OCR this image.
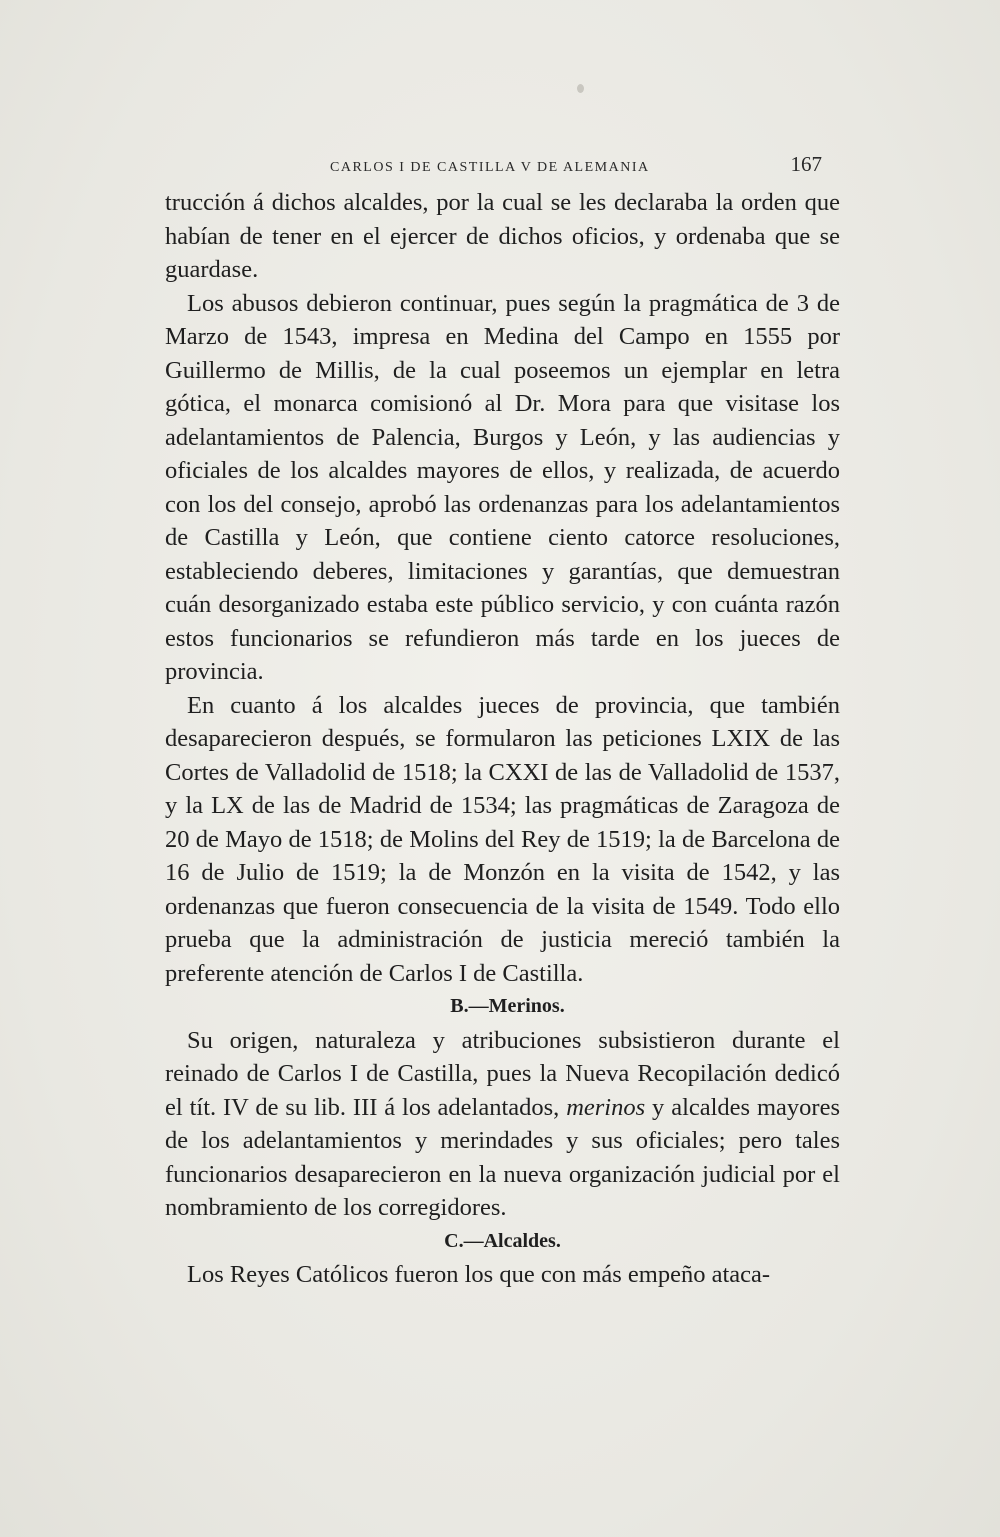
CARLOS I DE CASTILLA V DE ALEMANIA	167

trucción á dichos alcaldes, por la cual se les declaraba la orden que habían de tener en el ejercer de dichos oficios, y ordenaba que se guardase.

Los abusos debieron continuar, pues según la pragmática de 3 de Marzo de 1543, impresa en Medina del Campo en 1555 por Guillermo de Millis, de la cual poseemos un ejemplar en letra gótica, el monarca comisionó al Dr. Mora para que visitase los adelantamientos de Palencia, Burgos y León, y las audiencias y oficiales de los alcaldes mayores de ellos, y realizada, de acuerdo con los del consejo, aprobó las ordenanzas para los adelantamientos de Castilla y León, que contiene ciento catorce resoluciones, estableciendo deberes, limitaciones y garantías, que demuestran cuán desorganizado estaba este público servicio, y con cuánta razón estos funcionarios se refundieron más tarde en los jueces de provincia.

En cuanto á los alcaldes jueces de provincia, que también desaparecieron después, se formularon las peticiones LXIX de las Cortes de Valladolid de 1518; la CXXI de las de Valladolid de 1537, y la LX de las de Madrid de 1534; las pragmáticas de Zaragoza de 20 de Mayo de 1518; de Molins del Rey de 1519; la de Barcelona de 16 de Julio de 1519; la de Monzón en la visita de 1542, y las ordenanzas que fueron consecuencia de la visita de 1549. Todo ello prueba que la administración de justicia mereció también la preferente atención de Carlos I de Castilla.

B.—Merinos.

Su origen, naturaleza y atribuciones subsistieron durante el reinado de Carlos I de Castilla, pues la Nueva Recopilación dedicó el tít. IV de su lib. III á los adelantados, merinos y alcaldes mayores de los adelantamientos y merindades y sus oficiales; pero tales funcionarios desaparecieron en la nueva organización judicial por el nombramiento de los corregidores.

C.—Alcaldes.

Los Reyes Católicos fueron los que con más empeño ataca-
